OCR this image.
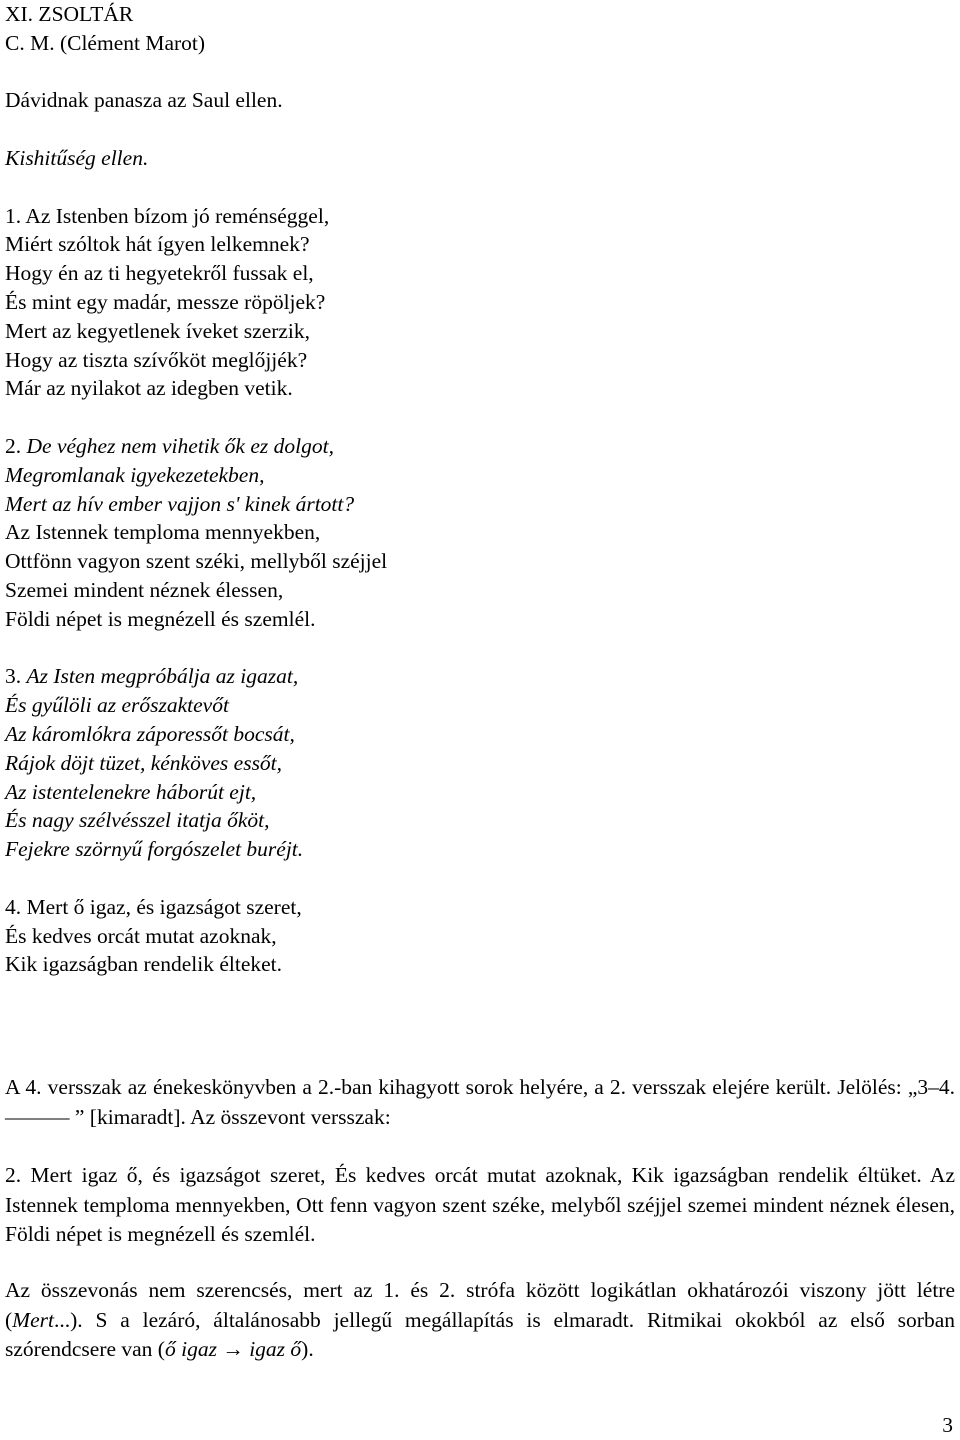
XI. ZSOLTÁR
C. M. (Clément Marot)
Dávidnak panasza az Saul ellen.
Kishitűség ellen.
1. Az Istenben bízom jó reménséggel,
Miért szóltok hát ígyen lelkemnek?
Hogy én az ti hegyetekről fussak el,
És mint egy madár, messze röpöljek?
Mert az kegyetlenek íveket szerzik,
Hogy az tiszta szívőköt meglőjjék?
Már az nyilakot az idegben vetik.
2. De véghez nem vihetik ők ez dolgot,
Megromlanak igyekezetekben,
Mert az hív ember vajjon s' kinek ártott?
Az Istennek temploma mennyekben,
Ottfönn vagyon szent széki, mellyből széjjel
Szemei mindent néznek élessen,
Földi népet is megnézell és szemlél.
3. Az Isten megpróbálja az igazat,
És gyűlöli az erőszaktevőt
Az káromlókra záporessőt bocsát,
Rájok döjt tüzet, kénköves essőt,
Az istentelenekre háborút ejt,
És nagy szélvésszel itatja őköt,
Fejekre szörnyű forgószelet buréjt.
4. Mert ő igaz, és igazságot szeret,
És kedves orcát mutat azoknak,
Kik igazságban rendelik élteket.

A 4. versszak az énekeskönyvben a 2.-ban kihagyott sorok helyére, a 2. versszak elejére került. Jelölés: „3–4. ——— ” [kimaradt]. Az összevont versszak:

2. Mert igaz ő, és igazságot szeret, És kedves orcát mutat azoknak, Kik igazságban rendelik éltüket. Az Istennek temploma mennyekben, Ott fenn vagyon szent széke, melyből széjjel szemei mindent néznek élesen, Földi népet is megnézell és szemlél.

Az összevonás nem szerencsés, mert az 1. és 2. strófa között logikátlan okhatározói viszony jött létre (Mert...). S a lezáró, általánosabb jellegű megállapítás is elmaradt. Ritmikai okokból az első sorban szórendcsere van (ő igaz → igaz ő).

3
